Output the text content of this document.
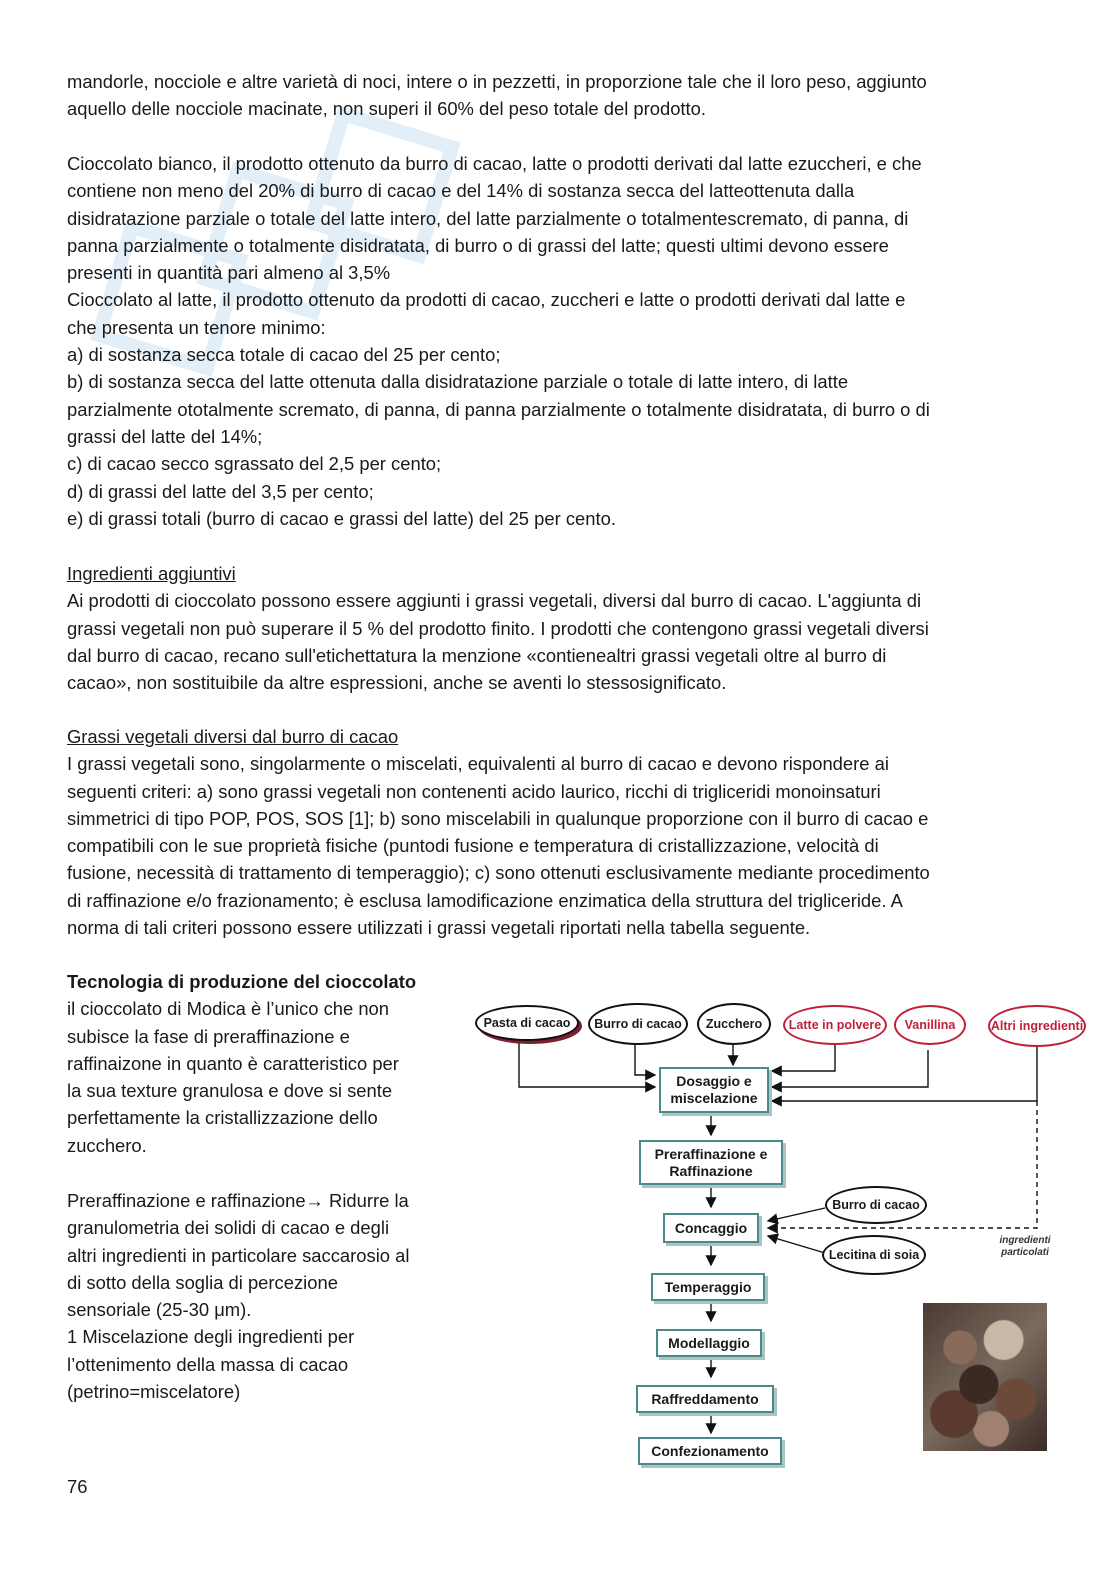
mandorle, nocciole e altre varietà di noci, intere o in pezzetti, in proporzione tale che il loro peso, aggiunto
aquello delle nocciole macinate, non superi il 60% del peso totale del prodotto.

Cioccolato bianco, il prodotto ottenuto da burro di cacao, latte o prodotti derivati dal latte ezuccheri, e che
contiene non meno del 20% di burro di cacao e del 14% di sostanza secca del latteottenuta dalla
disidratazione parziale o totale del latte intero, del latte parzialmente o totalmentescremato, di panna, di
panna parzialmente o totalmente disidratata, di burro o di grassi del latte; questi ultimi devono essere
presenti in quantità pari almeno al 3,5%
Cioccolato al latte, il prodotto ottenuto da prodotti di cacao, zuccheri e latte o prodotti derivati dal latte e
che presenta un tenore minimo:
a) di sostanza secca totale di cacao del 25 per cento;
b) di sostanza secca del latte ottenuta dalla disidratazione parziale o totale di latte intero, di latte
parzialmente ototalmente scremato, di panna, di panna parzialmente o totalmente disidratata, di burro o di
grassi del latte del 14%;
c) di cacao secco sgrassato del 2,5 per cento;
d) di grassi del latte del 3,5 per cento;
e) di grassi totali (burro di cacao e grassi del latte) del 25 per cento.

Ingredienti aggiuntivi
Ai prodotti di cioccolato possono essere aggiunti i grassi vegetali, diversi dal burro di cacao. L'aggiunta di
grassi vegetali non può superare il 5 % del prodotto finito. I prodotti che contengono grassi vegetali diversi
dal burro di cacao, recano sull'etichettatura la menzione «contienealtri grassi vegetali oltre al burro di
cacao», non sostituibile da altre espressioni, anche se aventi lo stessosignificato.

Grassi vegetali diversi dal burro di cacao
I grassi vegetali sono, singolarmente o miscelati, equivalenti al burro di cacao e devono rispondere ai
seguenti criteri: a) sono grassi vegetali non contenenti acido laurico, ricchi di trigliceridi monoinsaturi
simmetrici di tipo POP, POS, SOS [1]; b) sono miscelabili in qualunque proporzione con il burro di cacao e
compatibili con le sue proprietà fisiche (puntodi fusione e temperatura di cristallizzazione, velocità di
fusione, necessità di trattamento di temperaggio); c) sono ottenuti esclusivamente mediante procedimento
di raffinazione e/o frazionamento; è esclusa lamodificazione enzimatica della struttura del trigliceride. A
norma di tali criteri possono essere utilizzati i grassi vegetali riportati nella tabella seguente.

Tecnologia di produzione del cioccolato
il cioccolato di Modica è l’unico che non
subisce la fase di preraffinazione e
raffinaizone in quanto è caratteristico per
la sua texture granulosa e dove si sente
perfettamente la cristallizzazione dello
zucchero.

Preraffinazione e raffinazione→ Ridurre la
granulometria dei solidi di cacao e degli
altri ingredienti in particolare saccarosio al
di sotto della soglia di percezione
sensoriale (25-30 μm).
1 Miscelazione degli ingredienti per
l’ottenimento della massa di cacao
(petrino=miscelatore)

Pasta di cacao Burro di cacao Zucchero Latte in polvere Vanillina	Altri ingredienti
Dosaggio e miscelazione
Preraffinazione e Raffinazione
Concaggio
Temperaggio
Modellaggio
Raffreddamento
Confezionamento
Burro di cacao
Lecitina di soia
ingredienti particolati
76
